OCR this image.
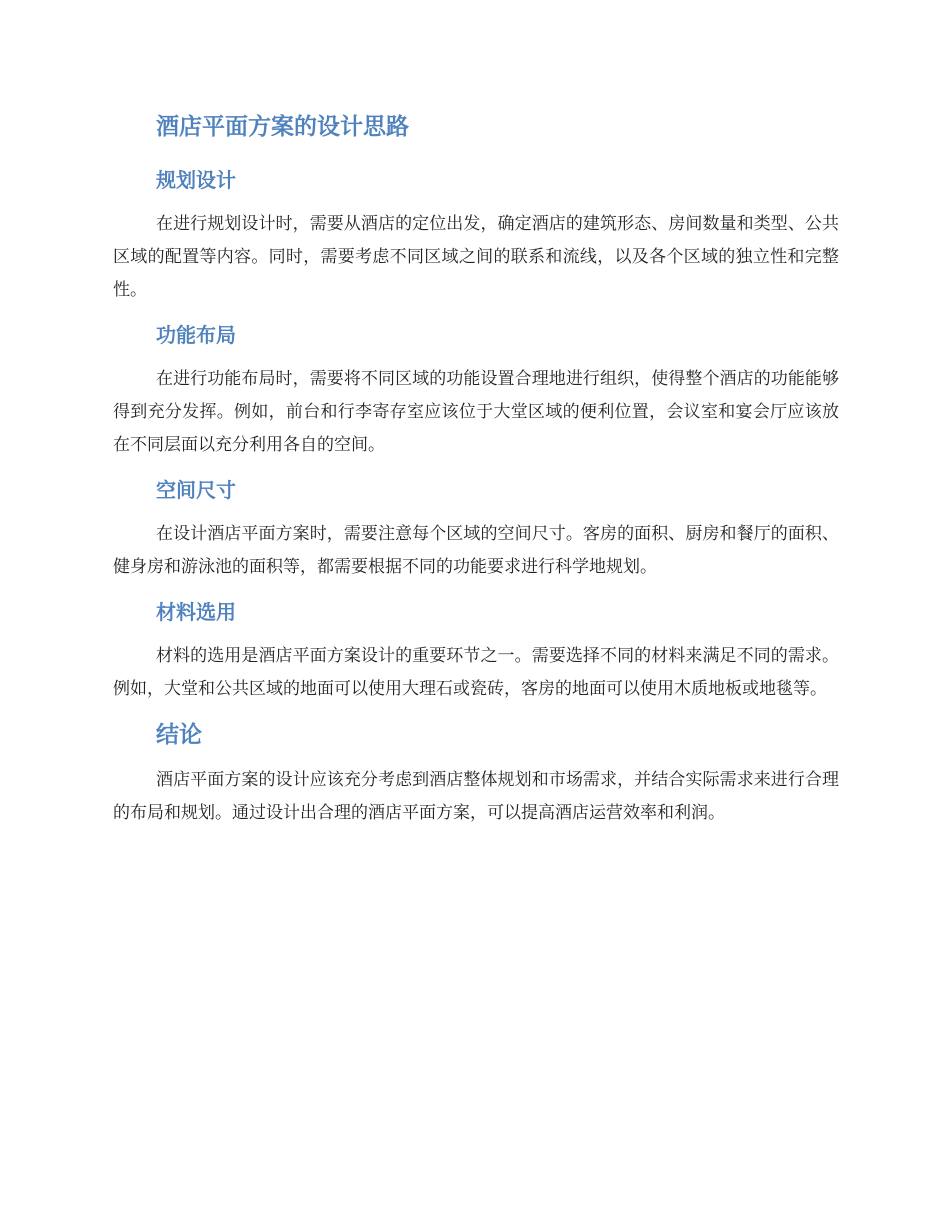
酒店平面方案的设计思路
规划设计

在进行规划设计时，需要从酒店的定位出发，确定酒店的建筑形态、房间数量和类型、公共区域的配置等内容。同时，需要考虑不同区域之间的联系和流线，以及各个区域的独立性和完整性。

功能布局

在进行功能布局时，需要将不同区域的功能设置合理地进行组织，使得整个酒店的功能能够得到充分发挥。例如，前台和行李寄存室应该位于大堂区域的便利位置，会议室和宴会厅应该放在不同层面以充分利用各自的空间。

空间尺寸

在设计酒店平面方案时，需要注意每个区域的空间尺寸。客房的面积、厨房和餐厅的面积、健身房和游泳池的面积等，都需要根据不同的功能要求进行科学地规划。

材料选用

材料的选用是酒店平面方案设计的重要环节之一。需要选择不同的材料来满足不同的需求。例如，大堂和公共区域的地面可以使用大理石或瓷砖，客房的地面可以使用木质地板或地毯等。

结论

酒店平面方案的设计应该充分考虑到酒店整体规划和市场需求，并结合实际需求来进行合理的布局和规划。通过设计出合理的酒店平面方案，可以提高酒店运营效率和利润。
